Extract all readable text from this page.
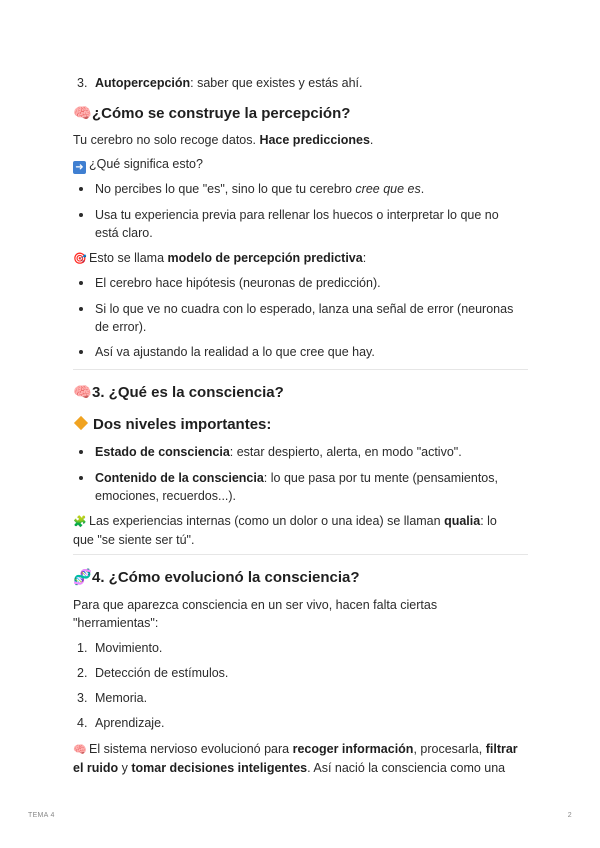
3. Autopercepción: saber que existes y estás ahí.
🧠¿Cómo se construye la percepción?

Tu cerebro no solo recoge datos. Hace predicciones.

➜ ¿Qué significa esto?

No percibes lo que "es", sino lo que tu cerebro cree que es.
Usa tu experiencia previa para rellenar los huecos o interpretar lo que no
está claro.

🎯 Esto se llama modelo de percepción predictiva:

El cerebro hace hipótesis (neuronas de predicción).
Si lo que ve no cuadra con lo esperado, lanza una señal de error (neuronas
de error).
Así va ajustando la realidad a lo que cree que hay.
🧠3. ¿Qué es la consciencia?
Dos niveles importantes:
Estado de consciencia: estar despierto, alerta, en modo "activo".
Contenido de la consciencia: lo que pasa por tu mente (pensamientos,
emociones, recuerdos...).

🧩 Las experiencias internas (como un dolor o una idea) se llaman qualia: lo
que "se siente ser tú".

🧬4. ¿Cómo evolucionó la consciencia?

Para que aparezca consciencia en un ser vivo, hacen falta ciertas
"herramientas":

1. Movimiento.
2. Detección de estímulos.
3. Memoria.
4. Aprendizaje.

🧠 El sistema nervioso evolucionó para recoger información, procesarla, filtrar
el ruido y tomar decisiones inteligentes. Así nació la consciencia como una

TEMA 4	2
